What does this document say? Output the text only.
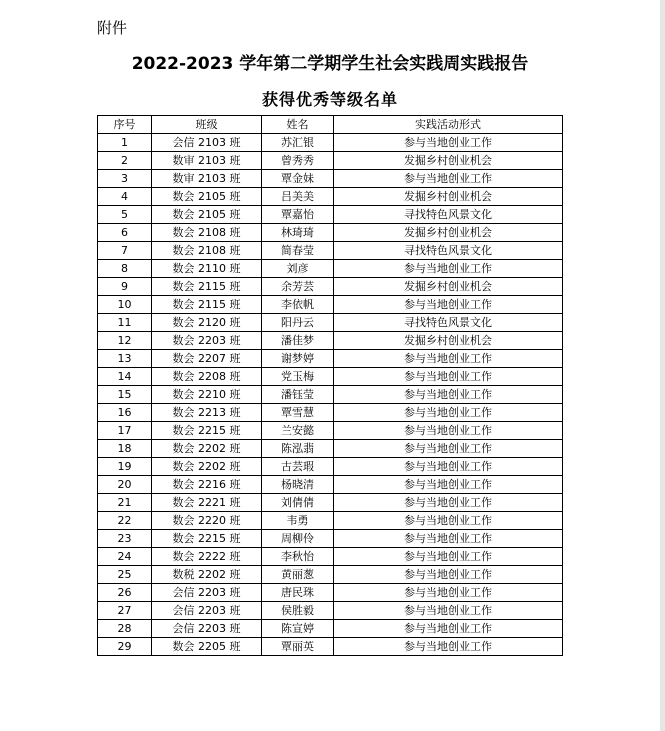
附件
2022-2023 学年第二学期学生社会实践周实践报告
获得优秀等级名单
序号	班级	姓名	实践活动形式
1	会信 2103 班	苏汇银	参与当地创业工作
2	数审 2103 班	曾秀秀	发掘乡村创业机会
3	数审 2103 班	覃金妹	参与当地创业工作
4	数会 2105 班	吕美美	发掘乡村创业机会
5	数会 2105 班	覃嘉怡	寻找特色风景文化
6	数会 2108 班	林琦琦	发掘乡村创业机会
7	数会 2108 班	简春莹	寻找特色风景文化
8	数会 2110 班	刘彦	参与当地创业工作
9	数会 2115 班	余芳芸	发掘乡村创业机会
10	数会 2115 班	李依帆	参与当地创业工作
11	数会 2120 班	阳丹云	寻找特色风景文化
12	数会 2203 班	潘佳梦	发掘乡村创业机会
13	数会 2207 班	谢梦婷	参与当地创业工作
14	数会 2208 班	党玉梅	参与当地创业工作
15	数会 2210 班	潘钰莹	参与当地创业工作
16	数会 2213 班	覃雪慧	参与当地创业工作
17	数会 2215 班	兰安懿	参与当地创业工作
18	数会 2202 班	陈泓翡	参与当地创业工作
19	数会 2202 班	古芸瑕	参与当地创业工作
20	数会 2216 班	杨晓清	参与当地创业工作
21	数会 2221 班	刘倩倩	参与当地创业工作
22	数会 2220 班	韦勇	参与当地创业工作
23	数会 2215 班	周柳伶	参与当地创业工作
24	数会 2222 班	李秋怡	参与当地创业工作
25	数税 2202 班	黄丽葱	参与当地创业工作
26	会信 2203 班	唐民珠	参与当地创业工作
27	会信 2203 班	侯胜毅	参与当地创业工作
28	会信 2203 班	陈宣婷	参与当地创业工作
29	数会 2205 班	覃丽英	参与当地创业工作
